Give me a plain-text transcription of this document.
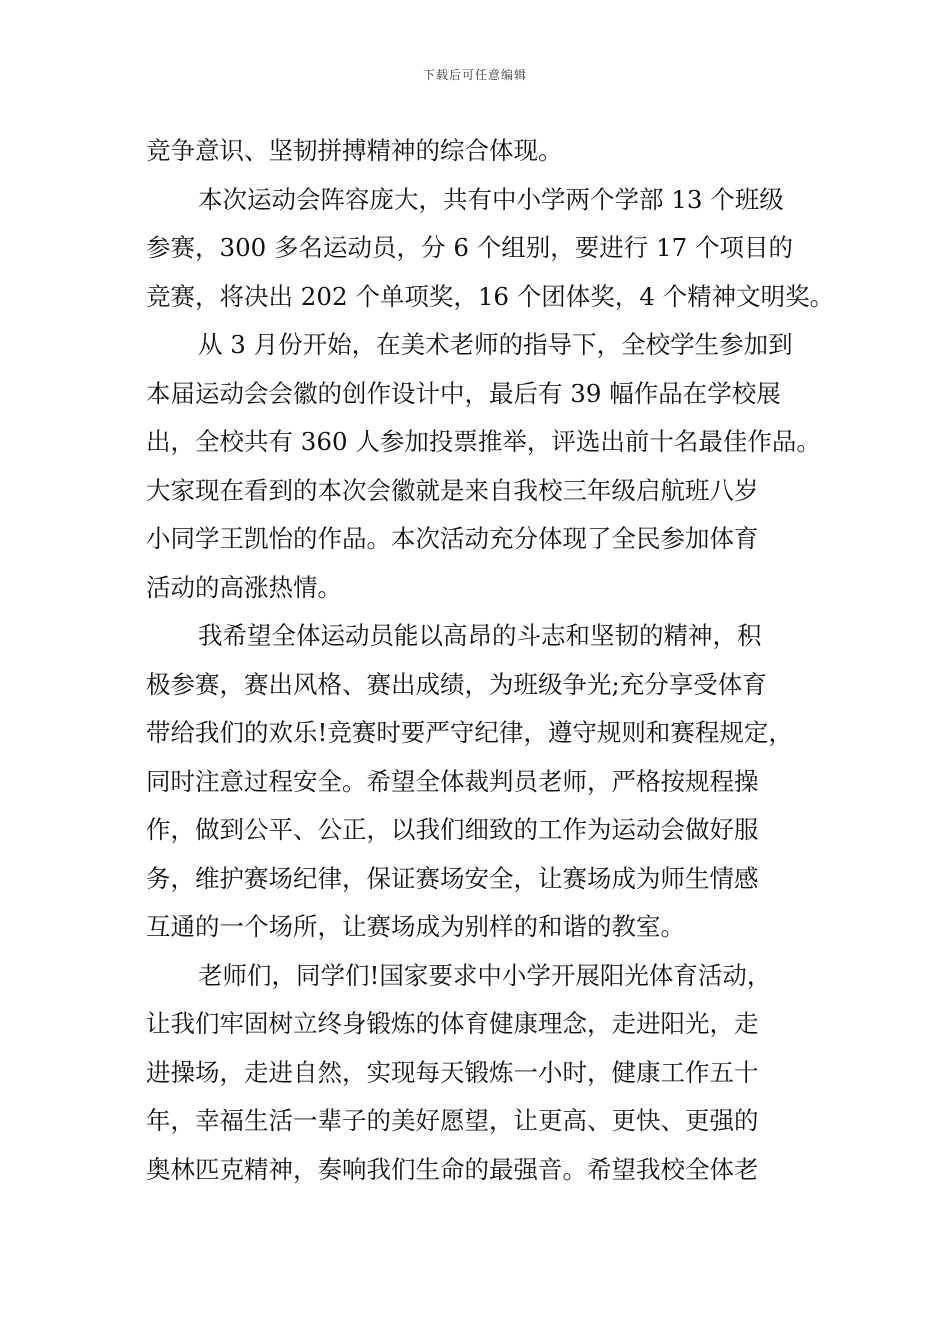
下载后可任意编辑
竞争意识、坚韧拼搏精神的综合体现。
本次运动会阵容庞大，共有中小学两个学部 13 个班级
参赛，300 多名运动员，分 6 个组别，要进行 17 个项目的
竞赛，将决出 202 个单项奖，16 个团体奖，4 个精神文明奖。
从 3 月份开始，在美术老师的指导下，全校学生参加到
本届运动会会徽的创作设计中，最后有 39 幅作品在学校展
出，全校共有 360 人参加投票推举，评选出前十名最佳作品。
大家现在看到的本次会徽就是来自我校三年级启航班八岁
小同学王凯怡的作品。本次活动充分体现了全民参加体育
活动的高涨热情。
我希望全体运动员能以高昂的斗志和坚韧的精神，积
极参赛，赛出风格、赛出成绩，为班级争光;充分享受体育
带给我们的欢乐!竞赛时要严守纪律，遵守规则和赛程规定，
同时注意过程安全。希望全体裁判员老师，严格按规程操
作，做到公平、公正，以我们细致的工作为运动会做好服
务，维护赛场纪律，保证赛场安全，让赛场成为师生情感
互通的一个场所，让赛场成为别样的和谐的教室。
老师们，同学们!国家要求中小学开展阳光体育活动，
让我们牢固树立终身锻炼的体育健康理念，走进阳光，走
进操场，走进自然，实现每天锻炼一小时，健康工作五十
年，幸福生活一辈子的美好愿望，让更高、更快、更强的
奥林匹克精神，奏响我们生命的最强音。希望我校全体老
